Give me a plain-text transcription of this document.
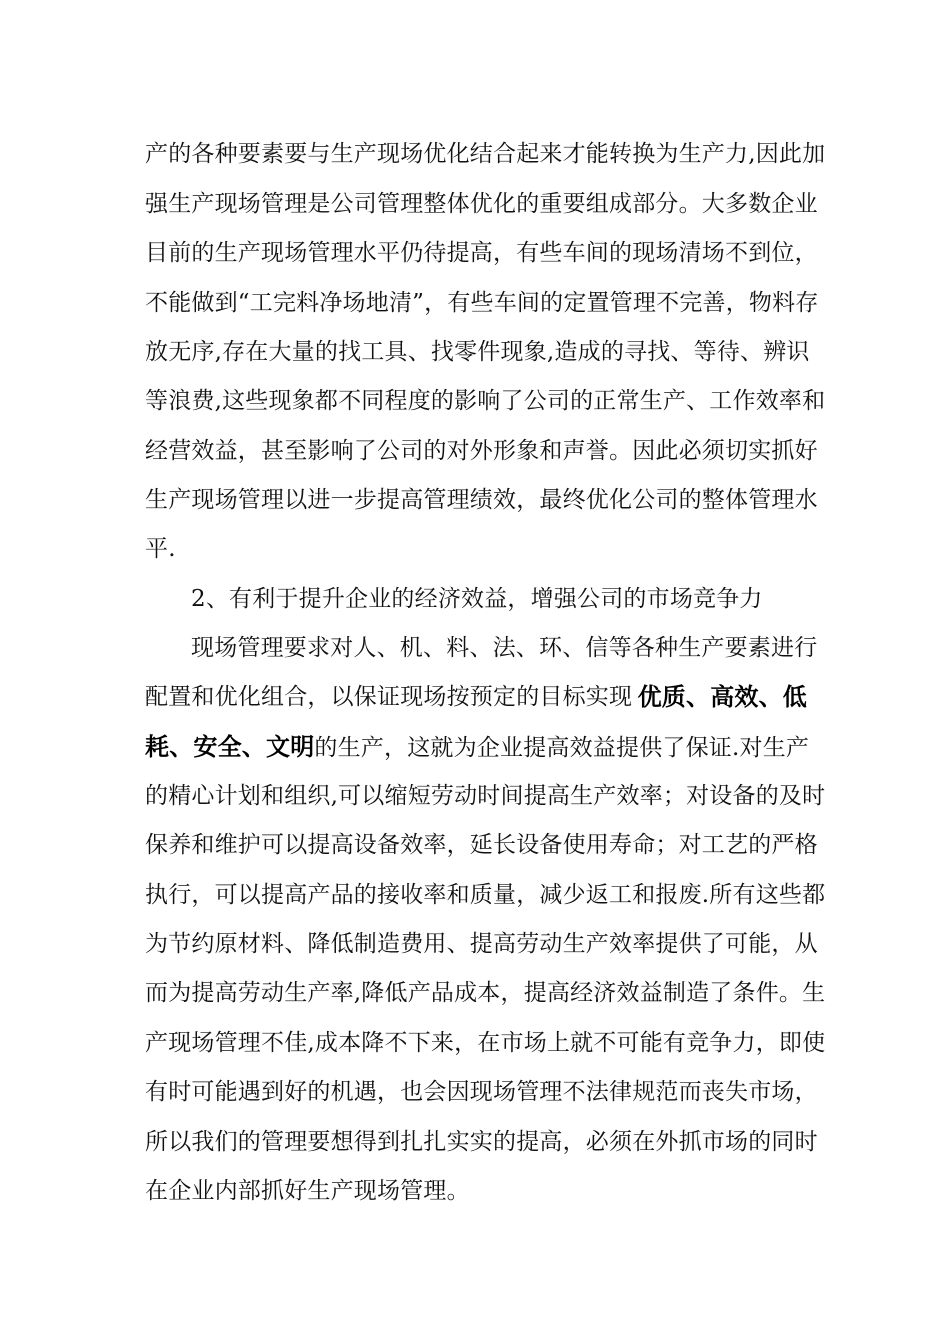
产的各种要素要与生产现场优化结合起来才能转换为生产力,因此加
强生产现场管理是公司管理整体优化的重要组成部分。大多数企业
目前的生产现场管理水平仍待提高，有些车间的现场清场不到位，
不能做到“工完料净场地清”，有些车间的定置管理不完善，物料存
放无序,存在大量的找工具、找零件现象,造成的寻找、等待、辨识
等浪费,这些现象都不同程度的影响了公司的正常生产、工作效率和
经营效益，甚至影响了公司的对外形象和声誉。因此必须切实抓好
生产现场管理以进一步提高管理绩效，最终优化公司的整体管理水
平.
2、有利于提升企业的经济效益，增强公司的市场竞争力
现场管理要求对人、机、料、法、环、信等各种生产要素进行
配置和优化组合，以保证现场按预定的目标实现 优质、高效、低
耗、安全、文明的生产，这就为企业提高效益提供了保证.对生产
的精心计划和组织,可以缩短劳动时间提高生产效率；对设备的及时
保养和维护可以提高设备效率，延长设备使用寿命；对工艺的严格
执行，可以提高产品的接收率和质量，减少返工和报废.所有这些都
为节约原材料、降低制造费用、提高劳动生产效率提供了可能，从
而为提高劳动生产率,降低产品成本，提高经济效益制造了条件。生
产现场管理不佳,成本降不下来，在市场上就不可能有竞争力，即使
有时可能遇到好的机遇，也会因现场管理不法律规范而丧失市场，
所以我们的管理要想得到扎扎实实的提高，必须在外抓市场的同时
在企业内部抓好生产现场管理。
